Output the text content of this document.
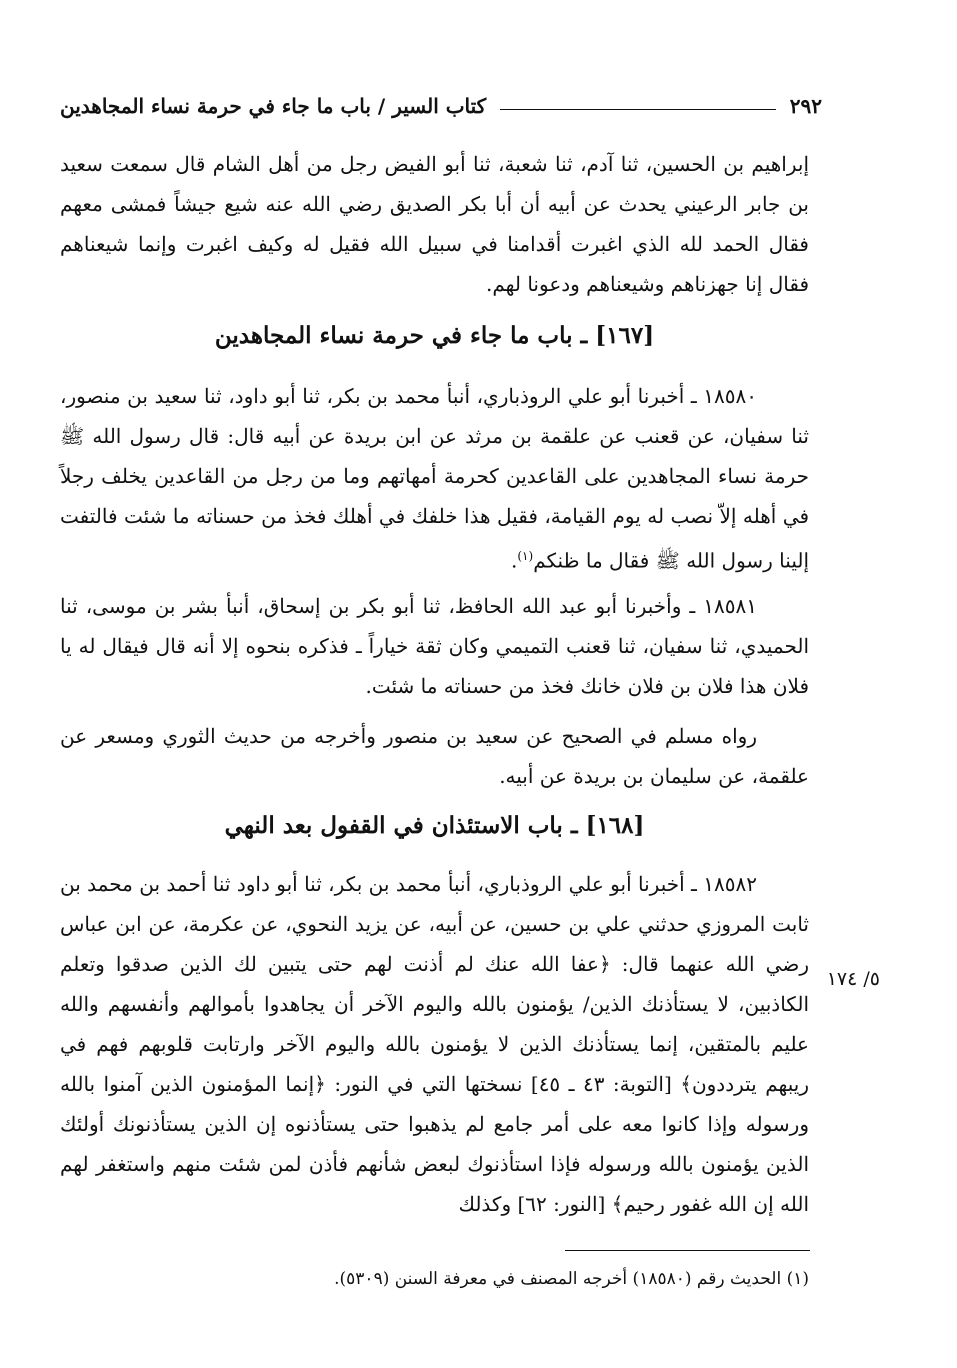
٢٩٢
كتاب السير / باب ما جاء في حرمة نساء المجاهدين

إبراهيم بن الحسين، ثنا آدم، ثنا شعبة، ثنا أبو الفيض رجل من أهل الشام قال سمعت سعيد بن جابر الرعيني يحدث عن أبيه أن أبا بكر الصديق رضي الله عنه شيع جيشاً فمشى معهم فقال الحمد لله الذي اغبرت أقدامنا في سبيل الله فقيل له وكيف اغبرت وإنما شيعناهم فقال إنا جهزناهم وشيعناهم ودعونا لهم.

[١٦٧] ـ باب ما جاء في حرمة نساء المجاهدين

١٨٥٨٠ ـ أخبرنا أبو علي الروذباري، أنبأ محمد بن بكر، ثنا أبو داود، ثنا سعيد بن منصور، ثنا سفيان، عن قعنب عن علقمة بن مرثد عن ابن بريدة عن أبيه قال: قال رسول الله ﷺ حرمة نساء المجاهدين على القاعدين كحرمة أمهاتهم وما من رجل من القاعدين يخلف رجلاً في أهله إلاّ نصب له يوم القيامة، فقيل هذا خلفك في أهلك فخذ من حسناته ما شئت فالتفت إلينا رسول الله ﷺ فقال ما ظنكم$^{(١)}$.

١٨٥٨١ ـ وأخبرنا أبو عبد الله الحافظ، ثنا أبو بكر بن إسحاق، أنبأ بشر بن موسى، ثنا الحميدي، ثنا سفيان، ثنا قعنب التميمي وكان ثقة خياراً ـ فذكره بنحوه إلا أنه قال فيقال له يا فلان هذا فلان بن فلان خانك فخذ من حسناته ما شئت.

رواه مسلم في الصحيح عن سعيد بن منصور وأخرجه من حديث الثوري ومسعر عن علقمة، عن سليمان بن بريدة عن أبيه.

[١٦٨] ـ باب الاستئذان في القفول بعد النهي

١٨٥٨٢ ـ أخبرنا أبو علي الروذباري، أنبأ محمد بن بكر، ثنا أبو داود ثنا أحمد بن محمد بن ثابت المروزي حدثني علي بن حسين، عن أبيه، عن يزيد النحوي، عن عكرمة، عن ابن عباس رضي الله عنهما قال: ﴿عفا الله عنك لم أذنت لهم حتى يتبين لك الذين صدقوا وتعلم الكاذبين، لا يستأذنك الذين/ يؤمنون بالله واليوم الآخر أن يجاهدوا بأموالهم وأنفسهم والله عليم بالمتقين، إنما يستأذنك الذين لا يؤمنون بالله واليوم الآخر وارتابت قلوبهم فهم في ريبهم يترددون﴾ [التوبة: ٤٣ ـ ٤٥] نسختها التي في النور: ﴿إنما المؤمنون الذين آمنوا بالله ورسوله وإذا كانوا معه على أمر جامع لم يذهبوا حتى يستأذنوه إن الذين يستأذنونك أولئك الذين يؤمنون بالله ورسوله فإذا استأذنوك لبعض شأنهم فأذن لمن شئت منهم واستغفر لهم الله إن الله غفور رحيم﴾ [النور: ٦٢] وكذلك

٥/ ١٧٤
(١) الحديث رقم (١٨٥٨٠) أخرجه المصنف في معرفة السنن (٥٣٠٩).
